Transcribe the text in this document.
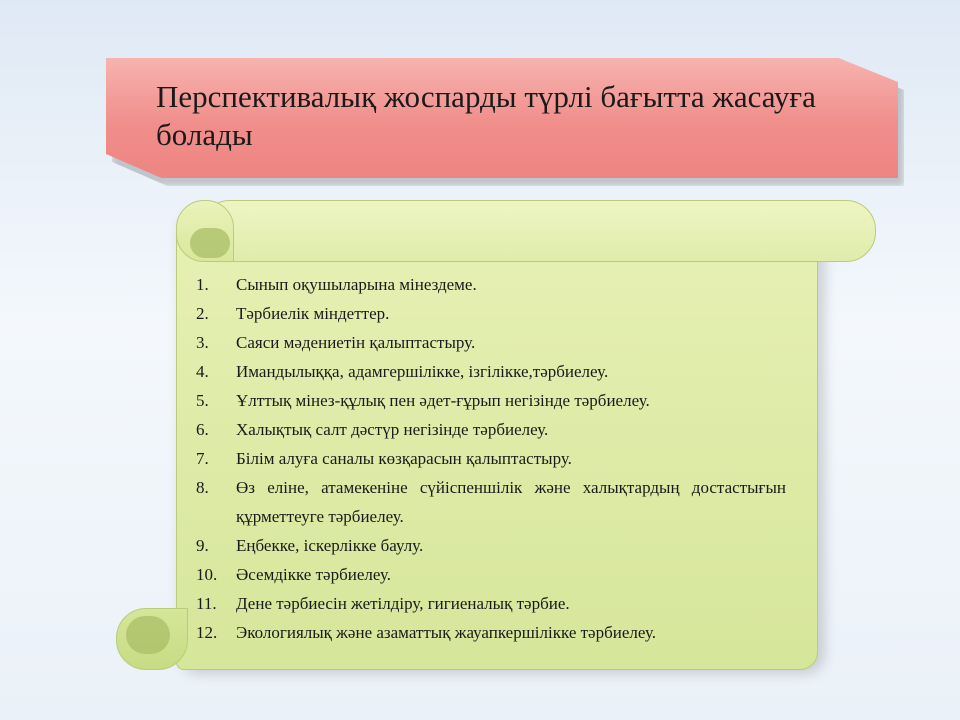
Перспективалық жоспарды түрлі бағытта жасауға болады
1.	Сынып оқушыларына мінездеме.
2.	Тәрбиелік міндеттер.
3.	Саяси мәдениетін қалыптастыру.
4.	Имандылыққа, адамгершілікке, ізгілікке,тәрбиелеу.
5.	Ұлттық мінез-құлық пен әдет-ғұрып негізінде тәрбиелеу.
6.	Халықтық салт дәстүр негізінде тәрбиелеу.
7.	Білім алуға саналы көзқарасын қалыптастыру.
8.	Өз еліне, атамекеніне сүйіспеншілік және халықтардың достастығын құрметтеуге тәрбиелеу.
9.	Еңбекке, іскерлікке баулу.
10.	Әсемдікке тәрбиелеу.
11.	Дене тәрбиесін жетілдіру, гигиеналық тәрбие.
12.	Экологиялық және азаматтық жауапкершілікке тәрбиелеу.
